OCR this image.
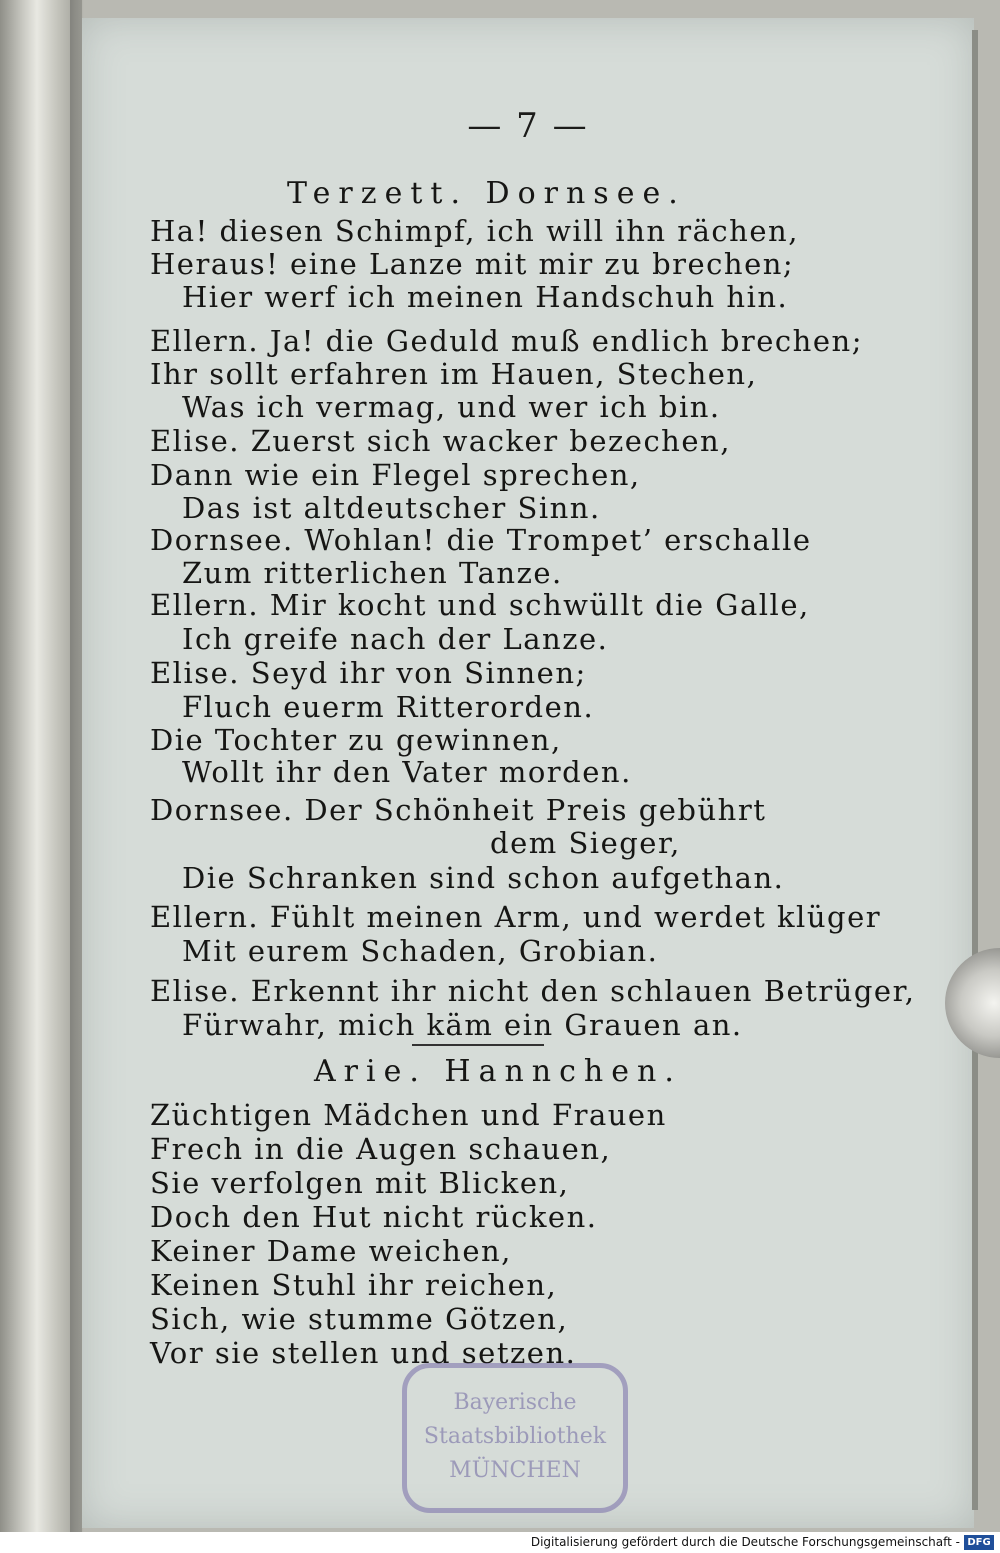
— 7 —
Terzett. Dornsee.
Ha! diesen Schimpf, ich will ihn rächen,
Heraus! eine Lanze mit mir zu brechen;
Hier werf ich meinen Handschuh hin.
Ellern. Ja! die Geduld muß endlich brechen;
Ihr sollt erfahren im Hauen, Stechen,
Was ich vermag, und wer ich bin.
Elise. Zuerst sich wacker bezechen,
Dann wie ein Flegel sprechen,
Das ist altdeutscher Sinn.
Dornsee. Wohlan! die Trompet’ erschalle
Zum ritterlichen Tanze.
Ellern. Mir kocht und schwüllt die Galle,
Ich greife nach der Lanze.
Elise. Seyd ihr von Sinnen;
Fluch euerm Ritterorden.
Die Tochter zu gewinnen,
Wollt ihr den Vater morden.
Dornsee. Der Schönheit Preis gebührt
dem Sieger,
Die Schranken sind schon aufgethan.
Ellern. Fühlt meinen Arm, und werdet klüger
Mit eurem Schaden, Grobian.
Elise. Erkennt ihr nicht den schlauen Betrüger,
Fürwahr, mich käm ein Grauen an.
Arie. Hannchen.
Züchtigen Mädchen und Frauen
Frech in die Augen schauen,
Sie verfolgen mit Blicken,
Doch den Hut nicht rücken.
Keiner Dame weichen,
Keinen Stuhl ihr reichen,
Sich, wie stumme Götzen,
Vor sie stellen und setzen.
Bayerische
Staatsbibliothek
MÜNCHEN
Digitalisierung gefördert durch die Deutsche Forschungsgemeinschaft - DFG
